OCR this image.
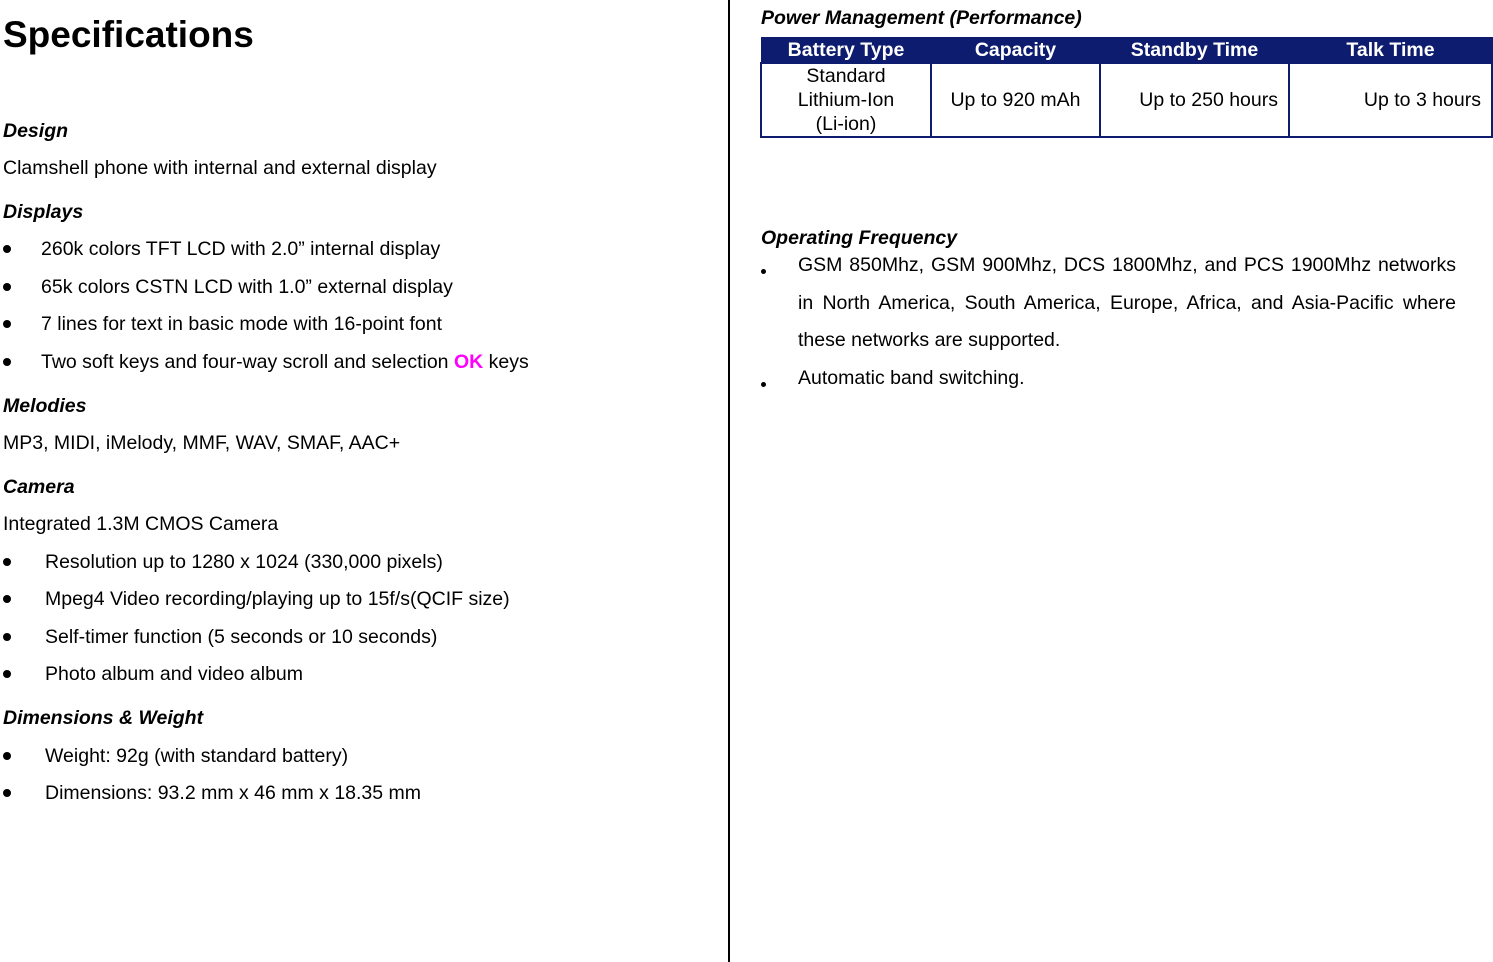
Specifications
Design
Clamshell phone with internal and external display
Displays
260k colors TFT LCD with 2.0” internal display
65k colors CSTN LCD with 1.0” external display
7 lines for text in basic mode with 16-point font
Two soft keys and four-way scroll and selection OK keys
Melodies
MP3, MIDI, iMelody, MMF, WAV, SMAF, AAC+
Camera
Integrated 1.3M CMOS Camera
Resolution up to 1280 x 1024 (330,000 pixels)
Mpeg4 Video recording/playing up to 15f/s(QCIF size)
Self-timer function (5 seconds or 10 seconds)
Photo album and video album
Dimensions & Weight
Weight: 92g (with standard battery)
Dimensions: 93.2 mm x 46 mm x 18.35 mm
Power Management (Performance)
Battery Type	Capacity	Standby Time	Talk Time

Standard
Lithium-Ion
(Li-ion)	Up to 920 mAh	Up to 250 hours	Up to 3 hours
Operating Frequency
GSM 850Mhz, GSM 900Mhz, DCS 1800Mhz, and PCS 1900Mhz networks in North America, South America, Europe, Africa, and Asia-Pacific where these networks are supported.
Automatic band switching.
